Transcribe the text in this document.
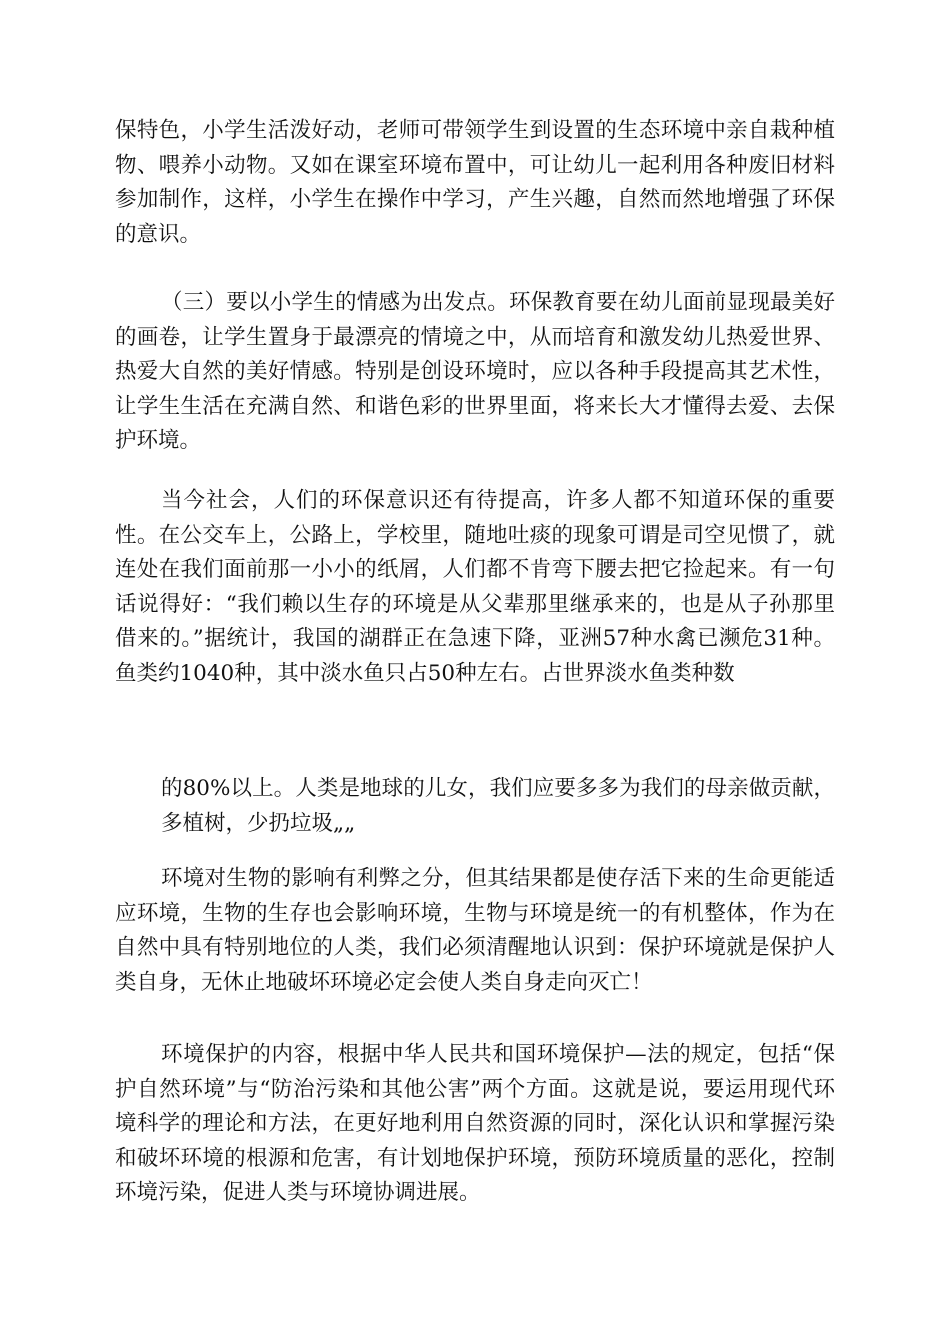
保特色，小学生活泼好动，老师可带领学生到设置的生态环境中亲自栽种植物、喂养小动物。又如在课室环境布置中，可让幼儿一起利用各种废旧材料参加制作，这样，小学生在操作中学习，产生兴趣，自然而然地增强了环保的意识。

（三）要以小学生的情感为出发点。环保教育要在幼儿面前显现最美好的画卷，让学生置身于最漂亮的情境之中，从而培育和激发幼儿热爱世界、热爱大自然的美好情感。特别是创设环境时，应以各种手段提高其艺术性，让学生生活在充满自然、和谐色彩的世界里面，将来长大才懂得去爱、去保护环境。

当今社会，人们的环保意识还有待提高，许多人都不知道环保的重要性。在公交车上，公路上，学校里，随地吐痰的现象可谓是司空见惯了，就连处在我们面前那一小小的纸屑，人们都不肯弯下腰去把它捡起来。有一句话说得好：“我们赖以生存的环境是从父辈那里继承来的，也是从子孙那里借来的。”据统计，我国的湖群正在急速下降，亚洲57种水禽已濒危31种。鱼类约1040种，其中淡水鱼只占50种左右。占世界淡水鱼类种数

的80%以上。人类是地球的儿女，我们应要多多为我们的母亲做贡献，多植树，少扔垃圾„„

环境对生物的影响有利弊之分，但其结果都是使存活下来的生命更能适应环境，生物的生存也会影响环境，生物与环境是统一的有机整体，作为在自然中具有特别地位的人类，我们必须清醒地认识到：保护环境就是保护人类自身，无休止地破坏环境必定会使人类自身走向灭亡！

环境保护的内容，根据中华人民共和国环境保护—法的规定，包括“保护自然环境”与“防治污染和其他公害”两个方面。这就是说，要运用现代环境科学的理论和方法，在更好地利用自然资源的同时，深化认识和掌握污染和破坏环境的根源和危害，有计划地保护环境，预防环境质量的恶化，控制环境污染，促进人类与环境协调进展。
